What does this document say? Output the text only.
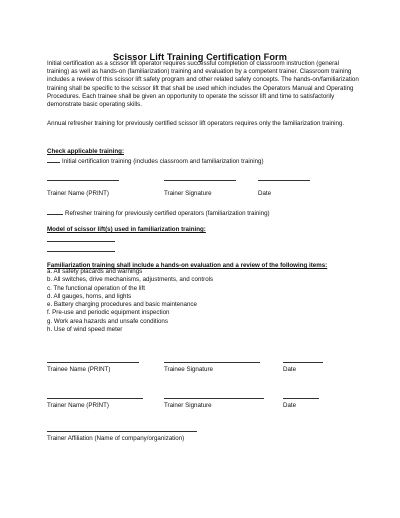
Scissor Lift Training Certification Form

Initial certification as a scissor lift operator requires successful completion of classroom instruction (general training) as well as hands-on (familiarization) training and evaluation by a competent trainer. Classroom training includes a review of this scissor lift safety program and other related safety concepts. The hands-on/familiarization training shall be specific to the scissor lift that shall be used which includes the Operators Manual and Operating Procedures. Each trainee shall be given an opportunity to operate the scissor lift and time to satisfactorily demonstrate basic operating skills.

Annual refresher training for previously certified scissor lift operators requires only the familiarization training.

Check applicable training:
Initial certification training (includes classroom and familiarization training)
Trainer Name (PRINT)	Trainer Signature	Date
Refresher training for previously certified operators (familiarization training)
Model of scissor lift(s) used in familiarization training:
Familiarization training shall include a hands-on evaluation and a review of the following items:
a. All safety placards and warnings
b. All switches, drive mechanisms, adjustments, and controls
c. The functional operation of the lift
d. All gauges, horns, and lights
e. Battery charging procedures and basic maintenance
f. Pre-use and periodic equipment inspection
g. Work area hazards and unsafe conditions
h. Use of wind speed meter
Trainee Name (PRINT)	Trainee Signature	Date
Trainer Name (PRINT)	Trainer Signature	Date
Trainer Affiliation (Name of company/organization)
